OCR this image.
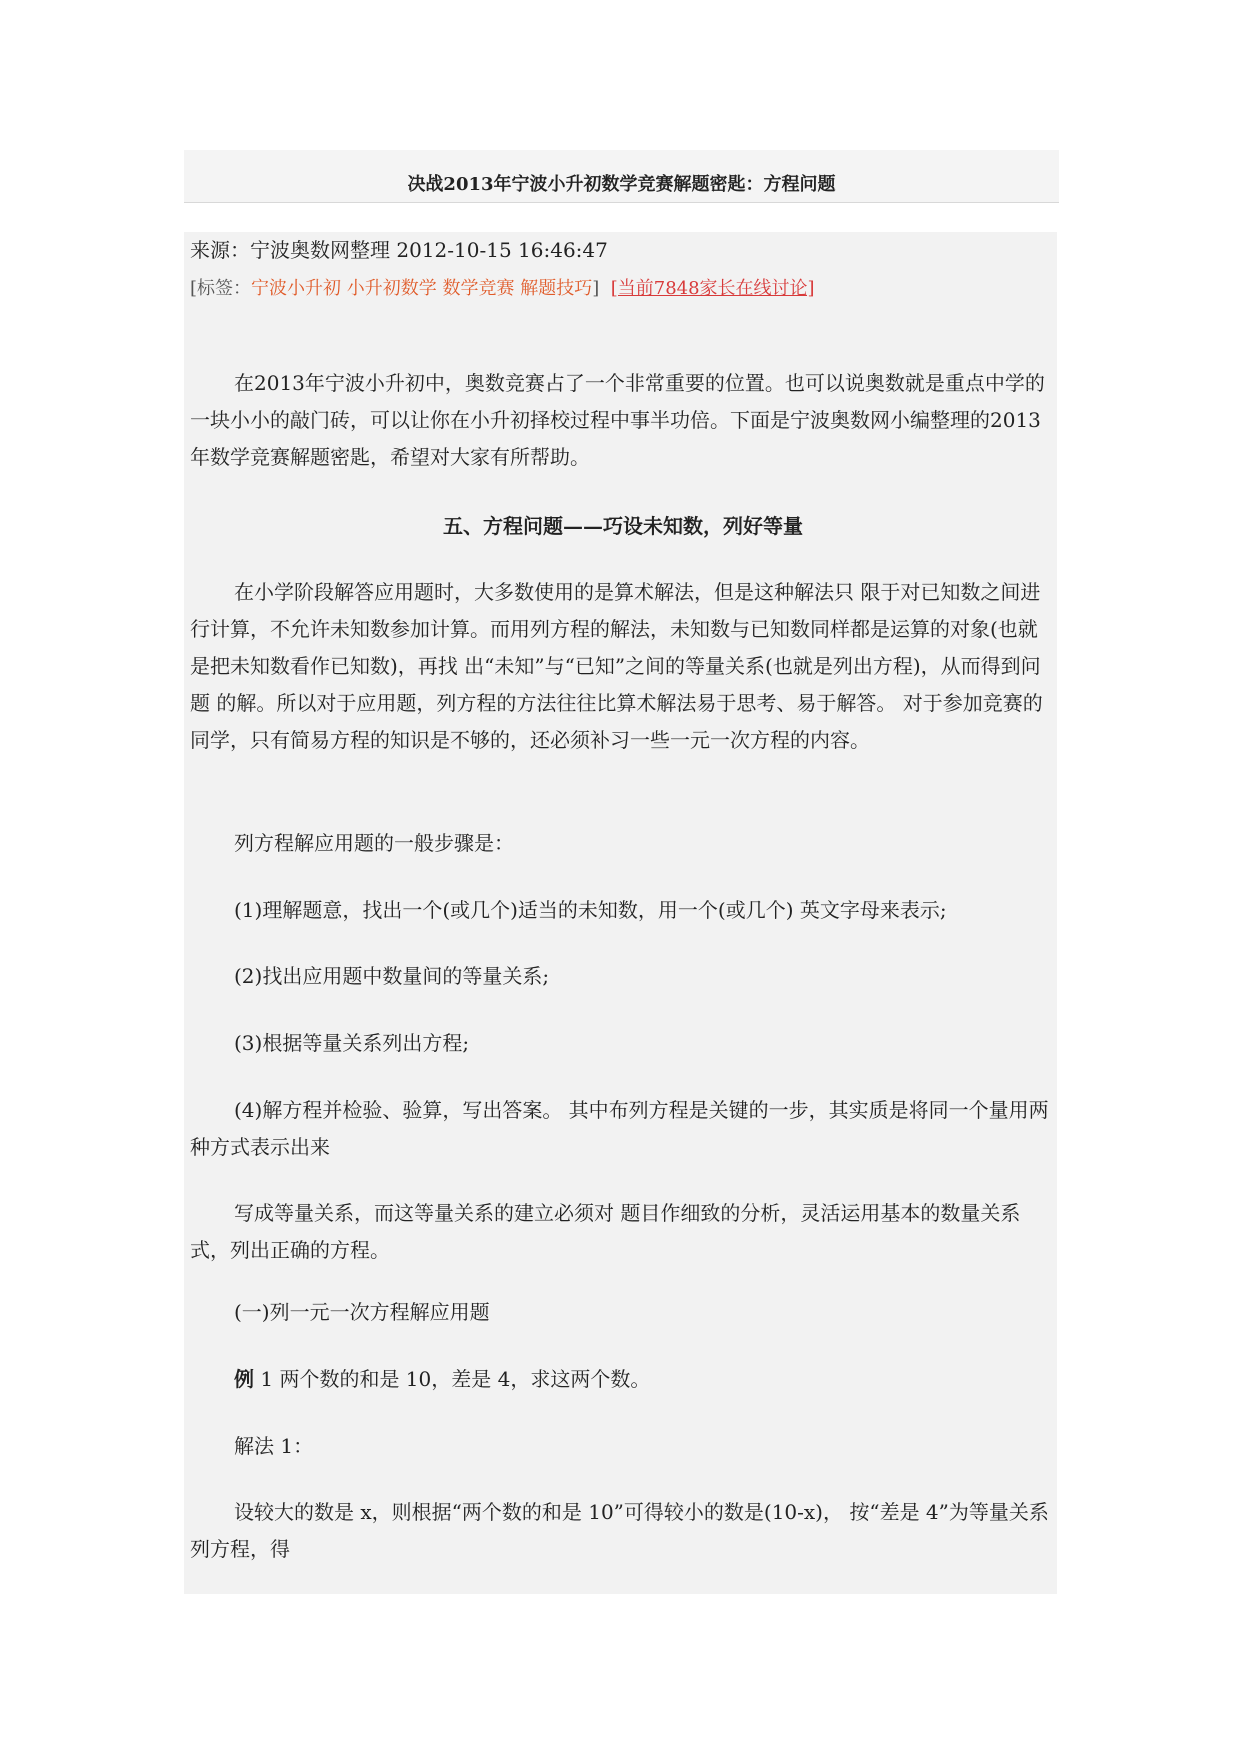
决战2013年宁波小升初数学竞赛解题密匙：方程问题

来源：宁波奥数网整理 2012-10-15 16:46:47

[标签：宁波小升初 小升初数学 数学竞赛 解题技巧] [当前7848家长在线讨论]

在2013年宁波小升初中，奥数竞赛占了一个非常重要的位置。也可以说奥数就是重点中学的一块小小的敲门砖，可以让你在小升初择校过程中事半功倍。下面是宁波奥数网小编整理的2013年数学竞赛解题密匙，希望对大家有所帮助。

五、方程问题——巧设未知数，列好等量

在小学阶段解答应用题时，大多数使用的是算术解法，但是这种解法只 限于对已知数之间进行计算，不允许未知数参加计算。而用列方程的解法，未知数与已知数同样都是运算的对象(也就是把未知数看作已知数)，再找 出“未知”与“已知”之间的等量关系(也就是列出方程)，从而得到问题 的解。所以对于应用题，列方程的方法往往比算术解法易于思考、易于解答。 对于参加竞赛的同学，只有简易方程的知识是不够的，还必须补习一些一元一次方程的内容。

列方程解应用题的一般步骤是：

(1)理解题意，找出一个(或几个)适当的未知数，用一个(或几个) 英文字母来表示;

(2)找出应用题中数量间的等量关系;

(3)根据等量关系列出方程;

(4)解方程并检验、验算，写出答案。 其中布列方程是关键的一步，其实质是将同一个量用两种方式表示出来

写成等量关系，而这等量关系的建立必须对 题目作细致的分析，灵活运用基本的数量关系式，列出正确的方程。

(一)列一元一次方程解应用题

例 1 两个数的和是 10，差是 4，求这两个数。

解法 1：

设较大的数是 x，则根据“两个数的和是 10”可得较小的数是(10-x)， 按“差是 4”为等量关系列方程，得
